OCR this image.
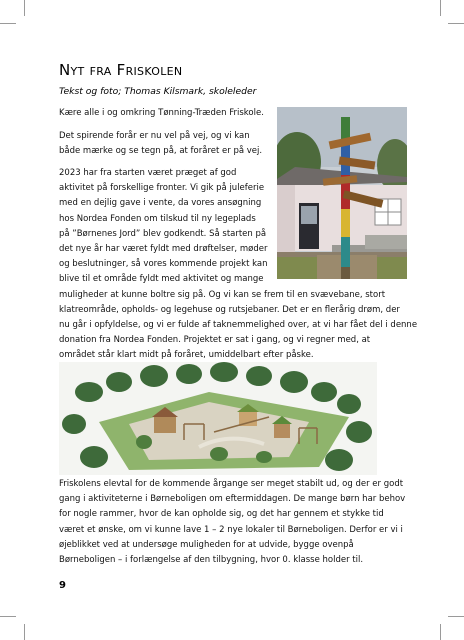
Nyt fra Friskolen
Tekst og foto; Thomas Kilsmark, skoleleder

Kære alle i og omkring Tønning-Træden Friskole.

Det spirende forår er nu vel på vej, og vi kan
både mærke og se tegn på, at foråret er på vej.

2023 har fra starten været præget af god
aktivitet på forskellige fronter. Vi gik på juleferie
med en dejlig gave i vente, da vores ansøgning
hos Nordea Fonden om tilskud til ny legeplads
på ”Børnenes Jord” blev godkendt. Så starten på
det nye år har været fyldt med drøftelser, møder
og beslutninger, så vores kommende projekt kan
blive til et område fyldt med aktivitet og mange
muligheder at kunne boltre sig på. Og vi kan se frem til en svævebane, stort
klatreområde, opholds- og legehuse og rutsjebaner. Det er en flerårig drøm, der
nu går i opfyldelse, og vi er fulde af taknemmelighed over, at vi har fået del i denne
donation fra Nordea Fonden. Projektet er sat i gang, og vi regner med, at
området står klart midt på foråret, umiddelbart efter påske.

Friskolens elevtal for de kommende årgange ser meget stabilt ud, og der er godt
gang i aktiviteterne i Børneboligen om eftermiddagen. De mange børn har behov
for nogle rammer, hvor de kan opholde sig, og det har gennem et stykke tid
været et ønske, om vi kunne lave 1 – 2 nye lokaler til Børneboligen. Derfor er vi i
øjeblikket ved at undersøge muligheden for at udvide, bygge ovenpå
Børneboligen – i forlængelse af den tilbygning, hvor 0. klasse holder til.

9
